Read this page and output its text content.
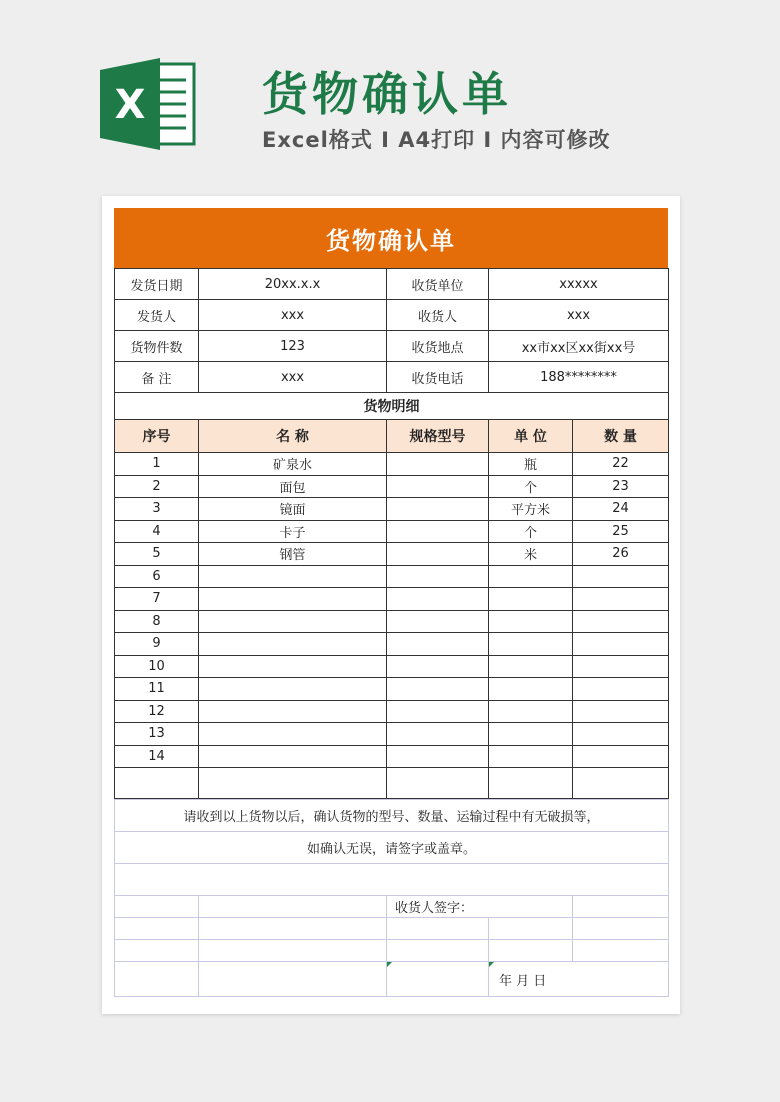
X	货物确认单
Excel格式 I A4打印 I 内容可修改
货物确认单
发货日期	20xx.x.x	收货单位	xxxxx	
发货人	xxx	收货人	xxx	
货物件数	123	收货地点	xx市xx区xx街xx号	
备 注	xxx	收货电话	188********	
货物明细				
序号	名 称	规格型号	单 位	数 量
1	矿泉水		瓶	22
2	面包		个	23
3	镜面		平方米	24
4	卡子		个	25
5	钢管		米	26
6				
7				
8				
9				
10				
11				
12				
13				
14				

请收到以上货物以后，确认货物的型号、数量、运输过程中有无破损等，				
如确认无误，请签字或盖章。				

		收货人签字：		

			年 月 日	
